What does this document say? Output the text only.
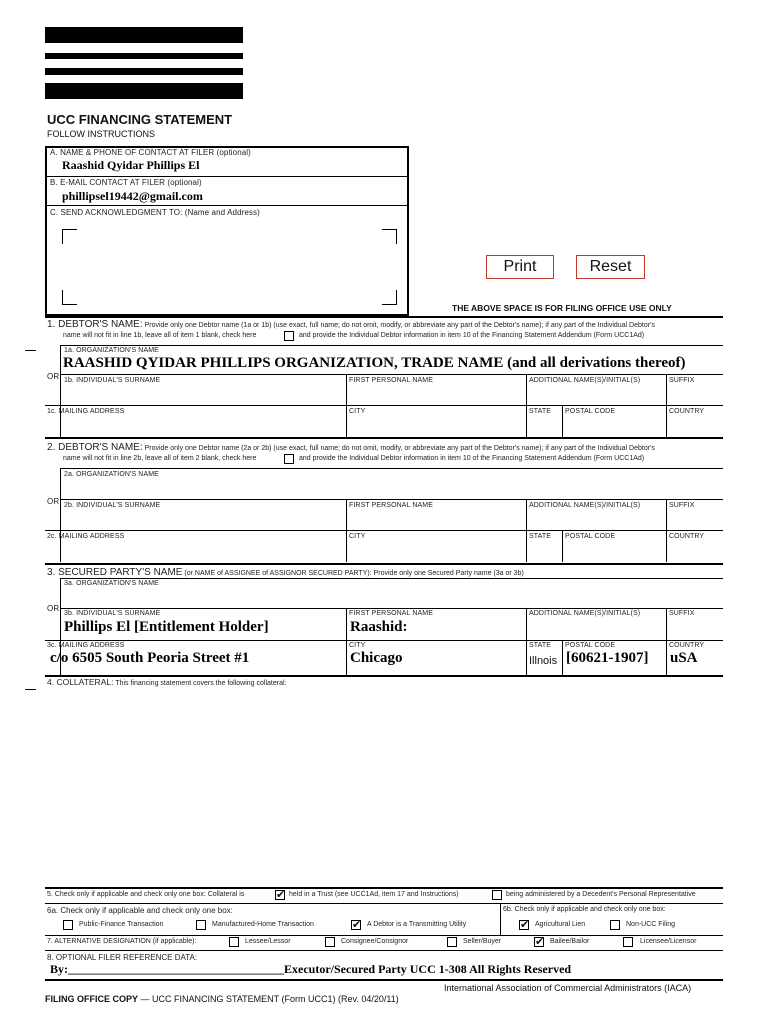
UCC FINANCING STATEMENT
FOLLOW INSTRUCTIONS
A. NAME & PHONE OF CONTACT AT FILER (optional)
Raashid Qyidar Phillips El
B. E-MAIL CONTACT AT FILER (optional)
phillipsel19442@gmail.com
C. SEND ACKNOWLEDGMENT TO: (Name and Address)
Print	Reset
THE ABOVE SPACE IS FOR FILING OFFICE USE ONLY
1. DEBTOR'S NAME: Provide only one Debtor name (1a or 1b) (use exact, full name; do not omit, modify, or abbreviate any part of the Debtor's name); if any part of the Individual Debtor's
name will not fit in line 1b, leave all of item 1 blank, check here	and provide the Individual Debtor information in item 10 of the Financing Statement Addendum (Form UCC1Ad)
1a. ORGANIZATION'S NAME
RAASHID QYIDAR PHILLIPS ORGANIZATION, TRADE NAME (and all derivations thereof)
OR 1b. INDIVIDUAL'S SURNAME	FIRST PERSONAL NAME	ADDITIONAL NAME(S)/INITIAL(S)	SUFFIX
1c. MAILING ADDRESS	CITY	STATE POSTAL CODE	COUNTRY
2. DEBTOR'S NAME: Provide only one Debtor name (2a or 2b) (use exact, full name; do not omit, modify, or abbreviate any part of the Debtor's name); if any part of the Individual Debtor's
name will not fit in line 2b, leave all of item 2 blank, check here	and provide the Individual Debtor information in item 10 of the Financing Statement Addendum (Form UCC1Ad)
2a. ORGANIZATION'S NAME
OR 2b. INDIVIDUAL'S SURNAME	FIRST PERSONAL NAME	ADDITIONAL NAME(S)/INITIAL(S)	SUFFIX
2c. MAILING ADDRESS	CITY	STATE POSTAL CODE	COUNTRY
3. SECURED PARTY'S NAME (or NAME of ASSIGNEE of ASSIGNOR SECURED PARTY): Provide only one Secured Party name (3a or 3b)
3a. ORGANIZATION'S NAME
OR
3b. INDIVIDUAL'S SURNAME
Phillips El [Entitlement Holder]
FIRST PERSONAL NAME
Raashid:
ADDITIONAL NAME(S)/INITIAL(S)	SUFFIX
3c. MAILING ADDRESS
c/o 6505 South Peoria Street #1
CITY
Chicago
STATE
Illnois
POSTAL CODE
[60621-1907]
COUNTRY
uSA
4. COLLATERAL: This financing statement covers the following collateral:
5. Check only if applicable and check only one box: Collateral is ✔	held in a Trust (see UCC1Ad, item 17 and Instructions)	being administered by a Decedent's Personal Representative
6a. Check only if applicable and check only one box:	6b. Check only if applicable and check only one box:
Public-Finance Transaction	Manufactured-Home Transaction ✔	A Debtor is a Transmitting Utility ✔	Agricultural Lien	Non-UCC Filing
7. ALTERNATIVE DESIGNATION (if applicable):	Lessee/Lessor	Consignee/Consignor	Seller/Buyer ✔	Bailee/Bailor	Licensee/Licensor
8. OPTIONAL FILER REFERENCE DATA:
By:____________________________________Executor/Secured Party UCC 1-308 All Rights Reserved
FILING OFFICE COPY — UCC FINANCING STATEMENT (Form UCC1) (Rev. 04/20/11)
International Association of Commercial Administrators (IACA)
